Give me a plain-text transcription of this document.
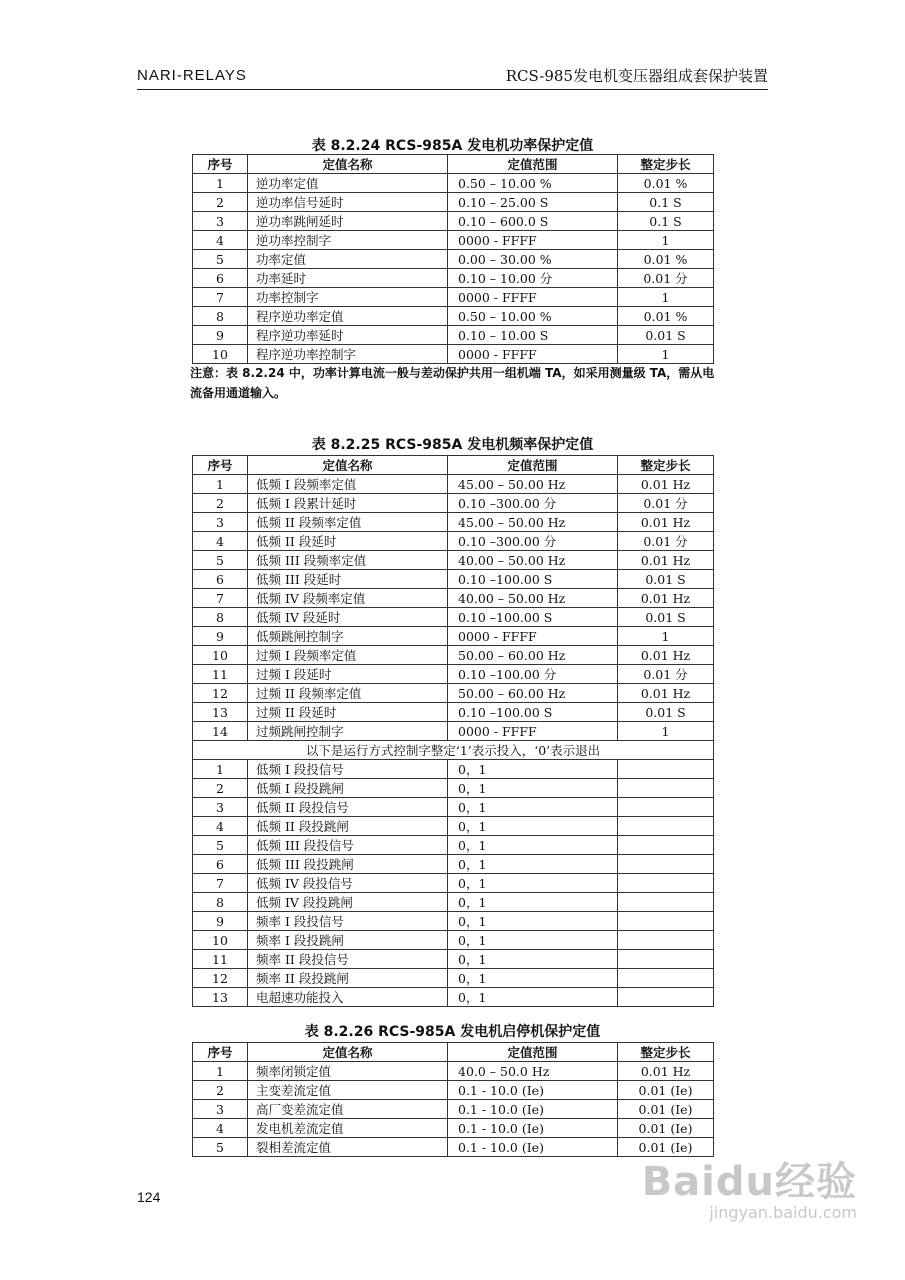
NARI-RELAYS	RCS-985发电机变压器组成套保护装置
表 8.2.24 RCS-985A 发电机功率保护定值
序号	定值名称	定值范围	整定步长
1	逆功率定值	0.50 – 10.00 %	0.01 %
2	逆功率信号延时	0.10 – 25.00 S	0.1 S
3	逆功率跳闸延时	0.10 – 600.0 S	0.1 S
4	逆功率控制字	0000 - FFFF	1
5	功率定值	0.00 – 30.00 %	0.01 %
6	功率延时	0.10 – 10.00 分	0.01 分
7	功率控制字	0000 - FFFF	1
8	程序逆功率定值	0.50 – 10.00 %	0.01 %
9	程序逆功率延时	0.10 – 10.00 S	0.01 S
10	程序逆功率控制字	0000 - FFFF	1
注意：表 8.2.24 中，功率计算电流一般与差动保护共用一组机端 TA，如采用测量级 TA，需从电流备用通道输入。
表 8.2.25 RCS-985A 发电机频率保护定值
序号	定值名称	定值范围	整定步长
1	低频 I 段频率定值	45.00 – 50.00 Hz	0.01 Hz
2	低频 I 段累计延时	0.10 –300.00 分	0.01 分
3	低频 II 段频率定值	45.00 – 50.00 Hz	0.01 Hz
4	低频 II 段延时	0.10 –300.00 分	0.01 分
5	低频 III 段频率定值	40.00 – 50.00 Hz	0.01 Hz
6	低频 III 段延时	0.10 –100.00 S	0.01 S
7	低频 IV 段频率定值	40.00 – 50.00 Hz	0.01 Hz
8	低频 IV 段延时	0.10 –100.00 S	0.01 S
9	低频跳闸控制字	0000 - FFFF	1
10	过频 I 段频率定值	50.00 – 60.00 Hz	0.01 Hz
11	过频 I 段延时	0.10 –100.00 分	0.01 分
12	过频 II 段频率定值	50.00 – 60.00 Hz	0.01 Hz
13	过频 II 段延时	0.10 –100.00 S	0.01 S
14	过频跳闸控制字	0000 - FFFF	1
以下是运行方式控制字整定‘1’表示投入，‘0’表示退出			
1	低频 I 段投信号	0，1	
2	低频 I 段投跳闸	0，1	
3	低频 II 段投信号	0，1	
4	低频 II 段投跳闸	0，1	
5	低频 III 段投信号	0，1	
6	低频 III 段投跳闸	0，1	
7	低频 IV 段投信号	0，1	
8	低频 IV 段投跳闸	0，1	
9	频率 I 段投信号	0，1	
10	频率 I 段投跳闸	0，1	
11	频率 II 段投信号	0，1	
12	频率 II 段投跳闸	0，1	
13	电超速功能投入	0，1	
表 8.2.26 RCS-985A 发电机启停机保护定值
序号	定值名称	定值范围	整定步长
1	频率闭锁定值	40.0 – 50.0 Hz	0.01 Hz
2	主变差流定值	0.1 - 10.0 (Ie)	0.01 (Ie)
3	高厂变差流定值	0.1 - 10.0 (Ie)	0.01 (Ie)
4	发电机差流定值	0.1 - 10.0 (Ie)	0.01 (Ie)
5	裂相差流定值	0.1 - 10.0 (Ie)	0.01 (Ie)
124	Baidu经验
jingyan.baidu.com
